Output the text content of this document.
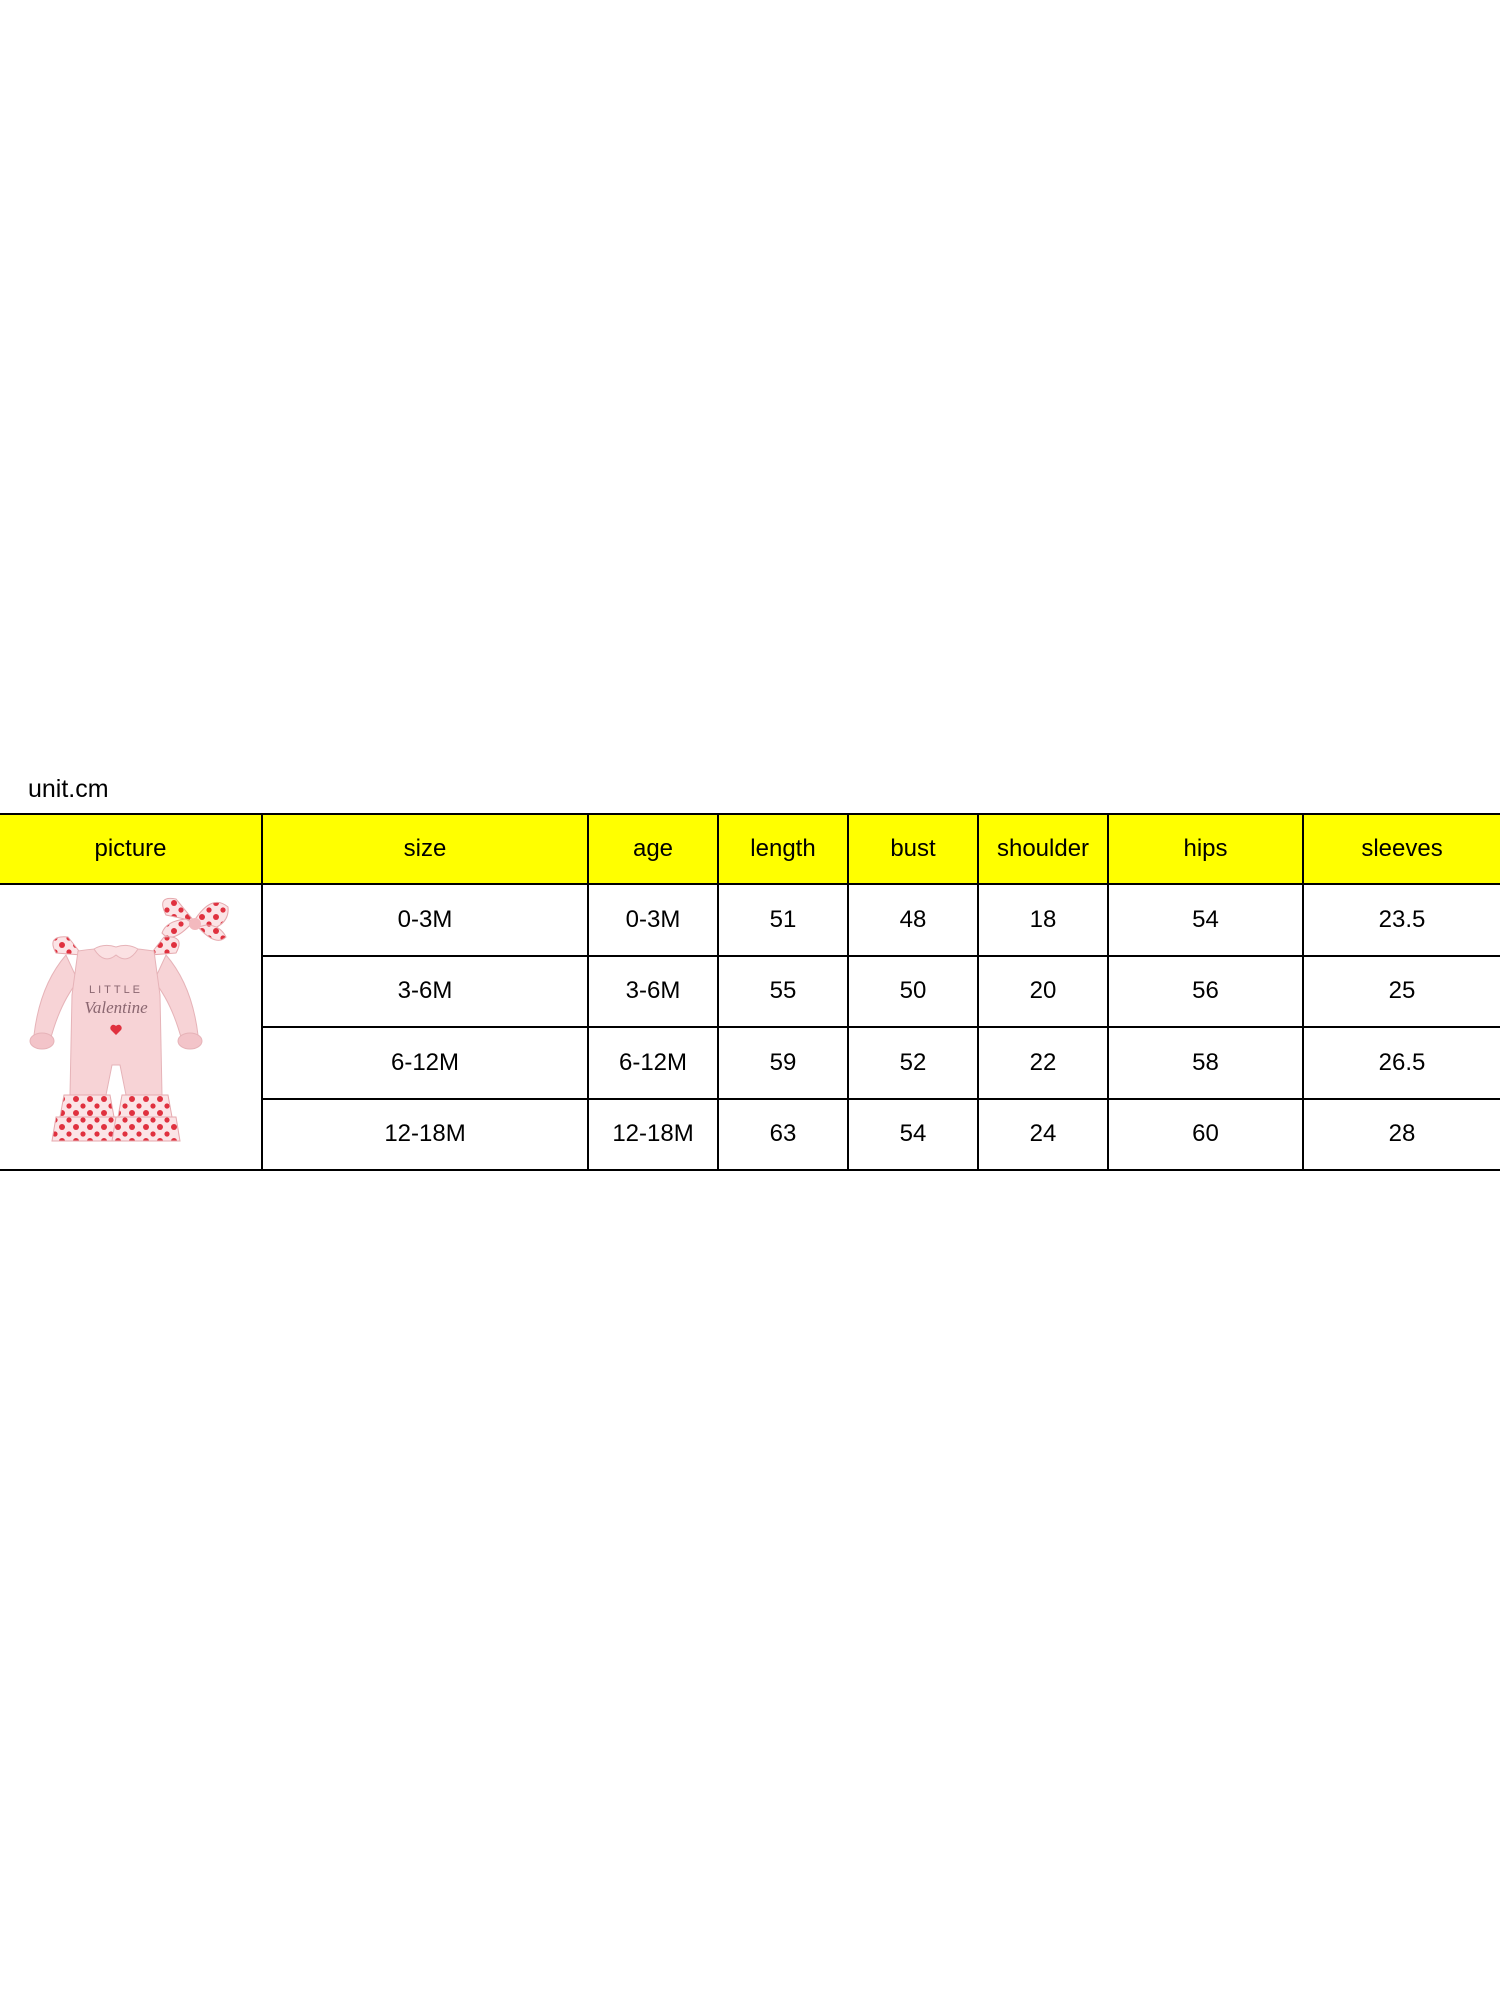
unit.cm
picture	size	age	length	bust	shoulder	hips	sleeves

LITTLE
Valentine	0-3M	0-3M	51	48	18	54	23.5
	3-6M	3-6M	55	50	20	56	25
	6-12M	6-12M	59	52	22	58	26.5
	12-18M	12-18M	63	54	24	60	28
